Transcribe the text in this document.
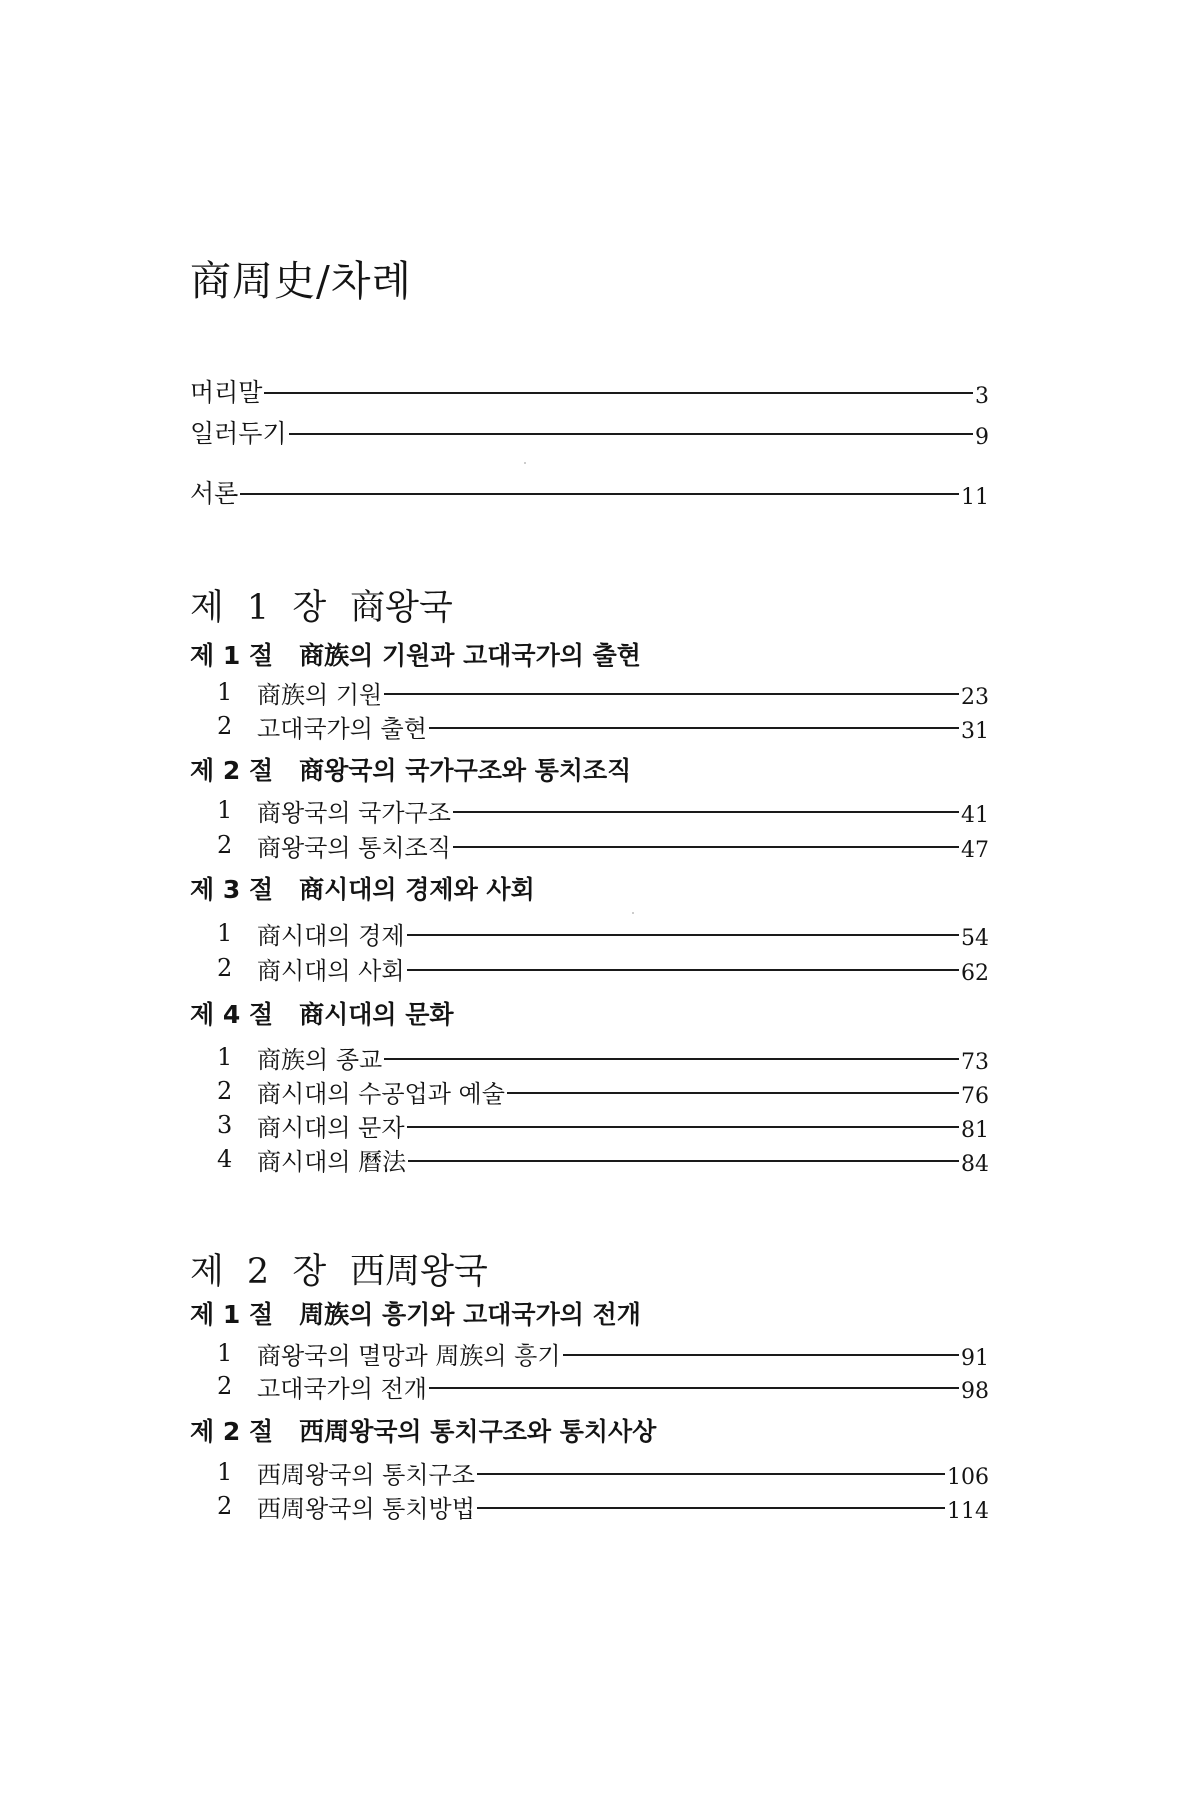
商周史/차례
머리말	3
일러두기	9
서론	11
제 1 장 商왕국
제 1 절 商族의 기원과 고대국가의 출현
1	商族의 기원	23
2	고대국가의 출현	31
제 2 절 商왕국의 국가구조와 통치조직
1	商왕국의 국가구조	41
2	商왕국의 통치조직	47
제 3 절 商시대의 경제와 사회
1	商시대의 경제	54
2	商시대의 사회	62
제 4 절 商시대의 문화
1	商族의 종교	73
2	商시대의 수공업과 예술	76
3	商시대의 문자	81
4	商시대의 曆法	84
제 2 장 西周왕국
제 1 절 周族의 흥기와 고대국가의 전개
1	商왕국의 멸망과 周族의 흥기	91
2	고대국가의 전개	98
제 2 절 西周왕국의 통치구조와 통치사상
1	西周왕국의 통치구조	106
2	西周왕국의 통치방법	114
